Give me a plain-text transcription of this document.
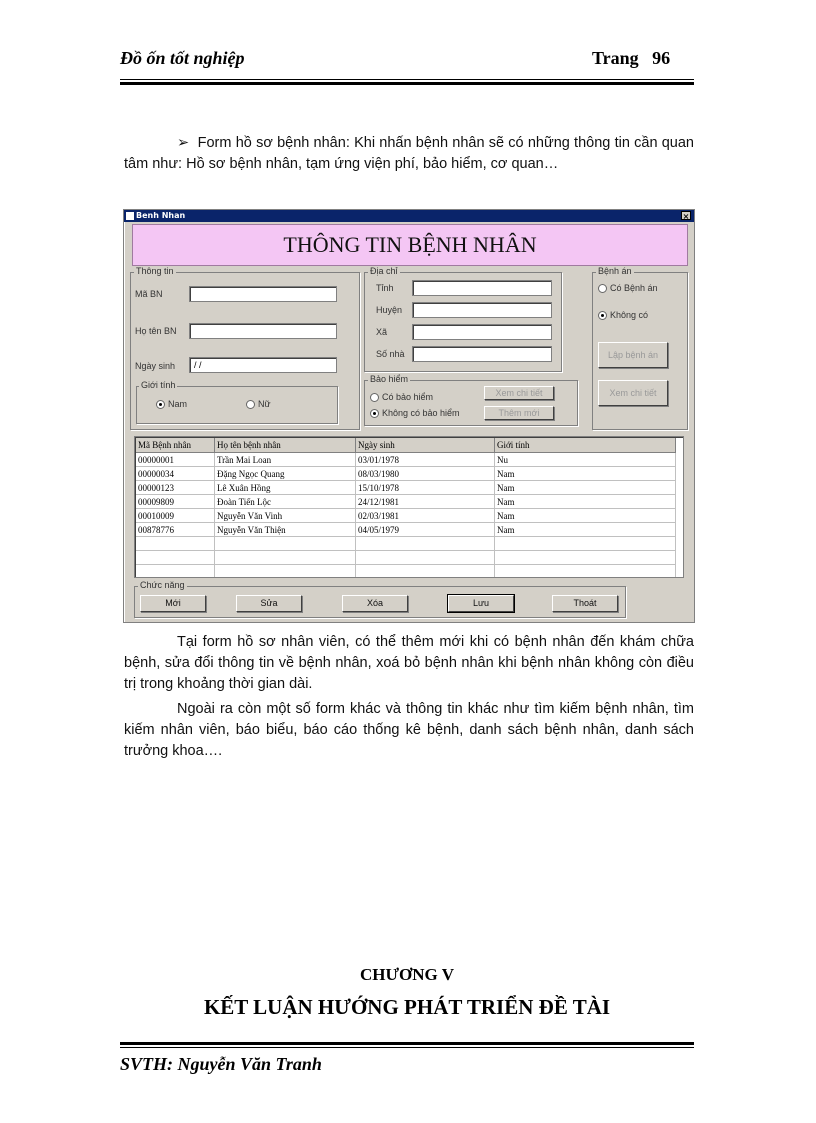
Đồ ốn tốt nghiệp	Trang 96
➢ Form hồ sơ bệnh nhân: Khi nhấn bệnh nhân sẽ có những thông tin cần quan tâm như: Hồ sơ bệnh nhân, tạm ứng viện phí, bảo hiểm, cơ quan…
Benh Nhan	×
THÔNG TIN BỆNH NHÂN
Thông tin
Mã BN
Họ tên BN
Ngày sinh	/ /
Giới tính
Nam	Nữ
Địa chỉ
Tỉnh
Huyện
Xã
Số nhà
Bảo hiểm
Có bảo hiểm
Không có bảo hiểm
Xem chi tiết
Thêm mới
Bệnh án
Có Bệnh án
Không có
Lập bệnh án
Xem chi tiết
Mã Bệnh nhân	Họ tên bệnh nhân	Ngày sinh	Giới tính
00000001	Trần Mai Loan	03/01/1978	Nu
00000034	Đặng Ngọc Quang	08/03/1980	Nam
00000123	Lê Xuân Hồng	15/10/1978	Nam
00009809	Đoàn Tiến Lộc	24/12/1981	Nam
00010009	Nguyễn Văn Vinh	02/03/1981	Nam
00878776	Nguyễn Văn Thiện	04/05/1979	Nam

Chức năng
Mới	Sửa	Xóa	Lưu	Thoát
Tại form hồ sơ nhân viên, có thể thêm mới khi có bệnh nhân đến khám chữa bệnh, sửa đổi thông tin về bệnh nhân, xoá bỏ bệnh nhân khi bệnh nhân không còn điều trị trong khoảng thời gian dài.
Ngoài ra còn một số form khác và thông tin khác như tìm kiếm bệnh nhân, tìm kiếm nhân viên, báo biểu, báo cáo thống kê bệnh, danh sách bệnh nhân, danh sách trưởng khoa….
CHƯƠNG V
KẾT LUẬN HƯỚNG PHÁT TRIỂN ĐỀ TÀI
SVTH: Nguyễn Văn Tranh
